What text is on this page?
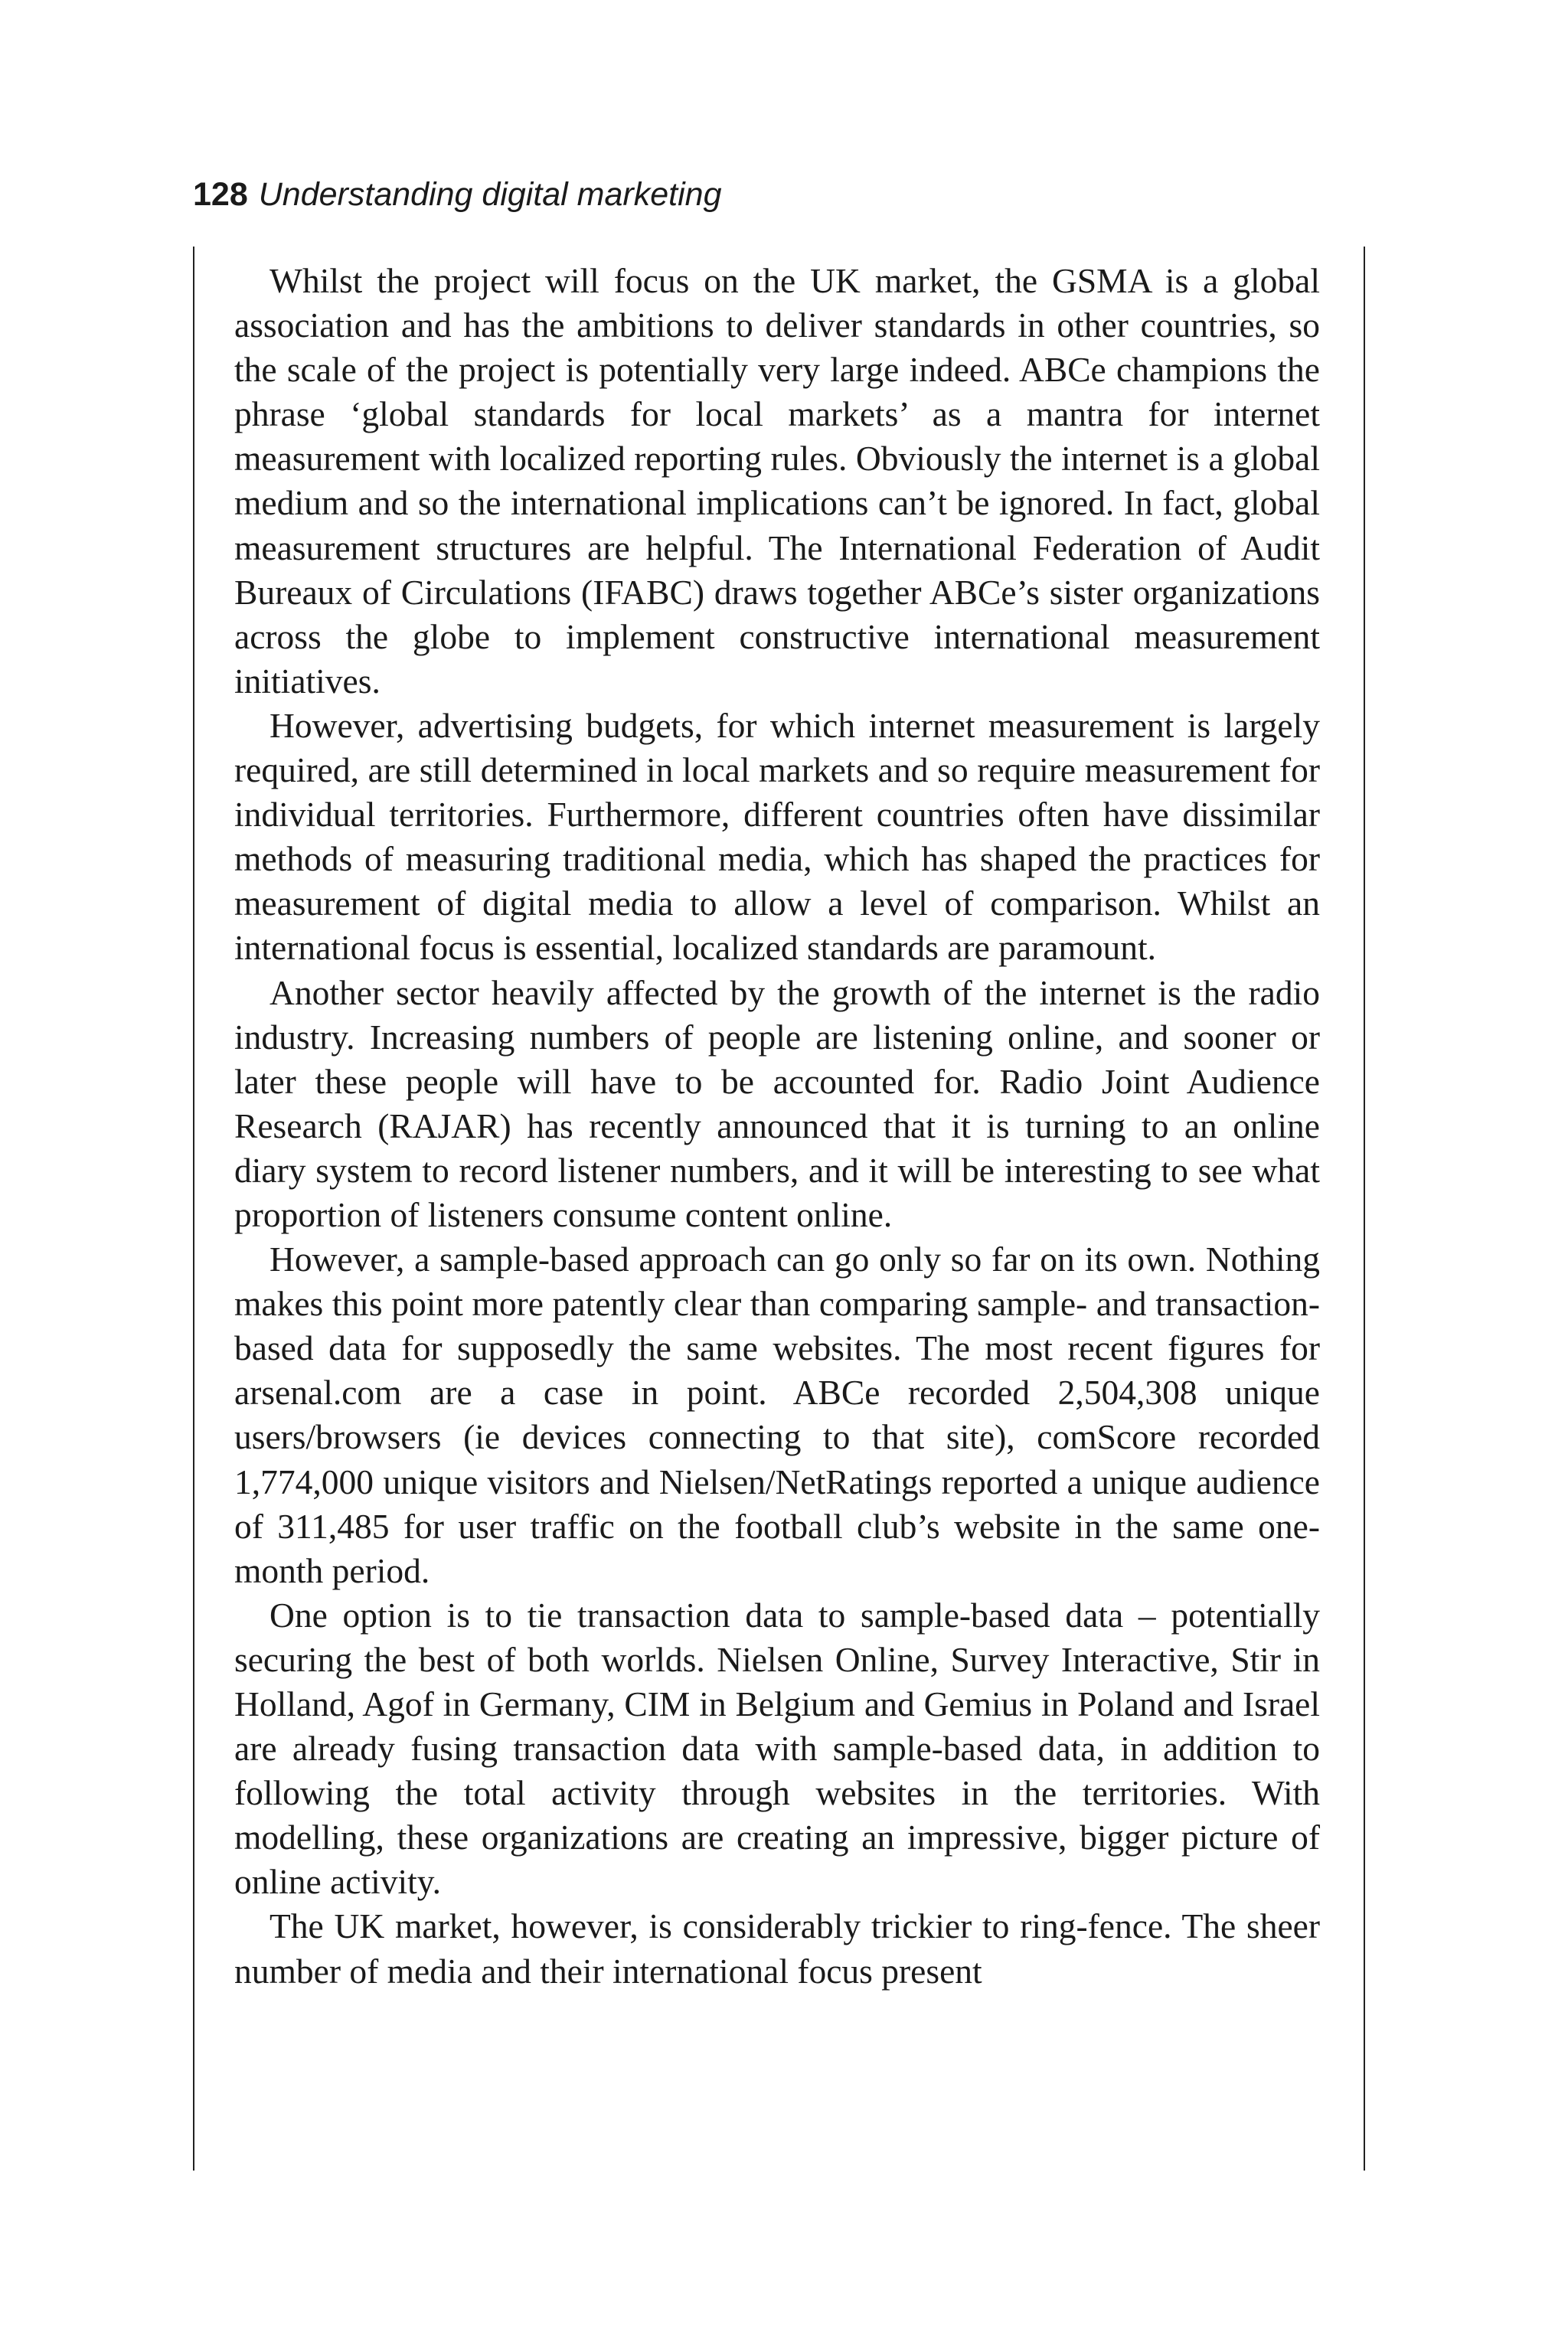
128 Understanding digital marketing

Whilst the project will focus on the UK market, the GSMA is a global association and has the ambitions to deliver standards in other countries, so the scale of the project is potentially very large indeed. ABCe champions the phrase ‘global standards for local markets’ as a mantra for internet measurement with localized reporting rules. Obviously the internet is a global medium and so the international implications can’t be ignored. In fact, global measurement structures are helpful. The International Federation of Audit Bureaux of Circulations (IFABC) draws together ABCe’s sister organizations across the globe to implement constructive international measurement initiatives.

However, advertising budgets, for which internet measurement is largely required, are still determined in local markets and so require measurement for individual territories. Furthermore, different countries often have dissimilar methods of measuring traditional media, which has shaped the practices for measurement of digital media to allow a level of comparison. Whilst an international focus is essential, localized standards are paramount.

Another sector heavily affected by the growth of the internet is the radio industry. Increasing numbers of people are listening online, and sooner or later these people will have to be accounted for. Radio Joint Audience Research (RAJAR) has recently announced that it is turning to an online diary system to record listener numbers, and it will be interesting to see what proportion of listeners consume content online.

However, a sample-based approach can go only so far on its own. Nothing makes this point more patently clear than comparing sample- and transaction-based data for supposedly the same websites. The most recent figures for arsenal.com are a case in point. ABCe recorded 2,504,308 unique users/browsers (ie devices connecting to that site), comScore recorded 1,774,000 unique visitors and Nielsen/NetRatings reported a unique audience of 311,485 for user traffic on the football club’s website in the same one-month period.

One option is to tie transaction data to sample-based data – potentially securing the best of both worlds. Nielsen Online, Survey Interactive, Stir in Holland, Agof in Germany, CIM in Belgium and Gemius in Poland and Israel are already fusing transaction data with sample-based data, in addition to following the total activity through websites in the territories. With modelling, these organizations are creating an impressive, bigger picture of online activity.

The UK market, however, is considerably trickier to ring-fence. The sheer number of media and their international focus present
